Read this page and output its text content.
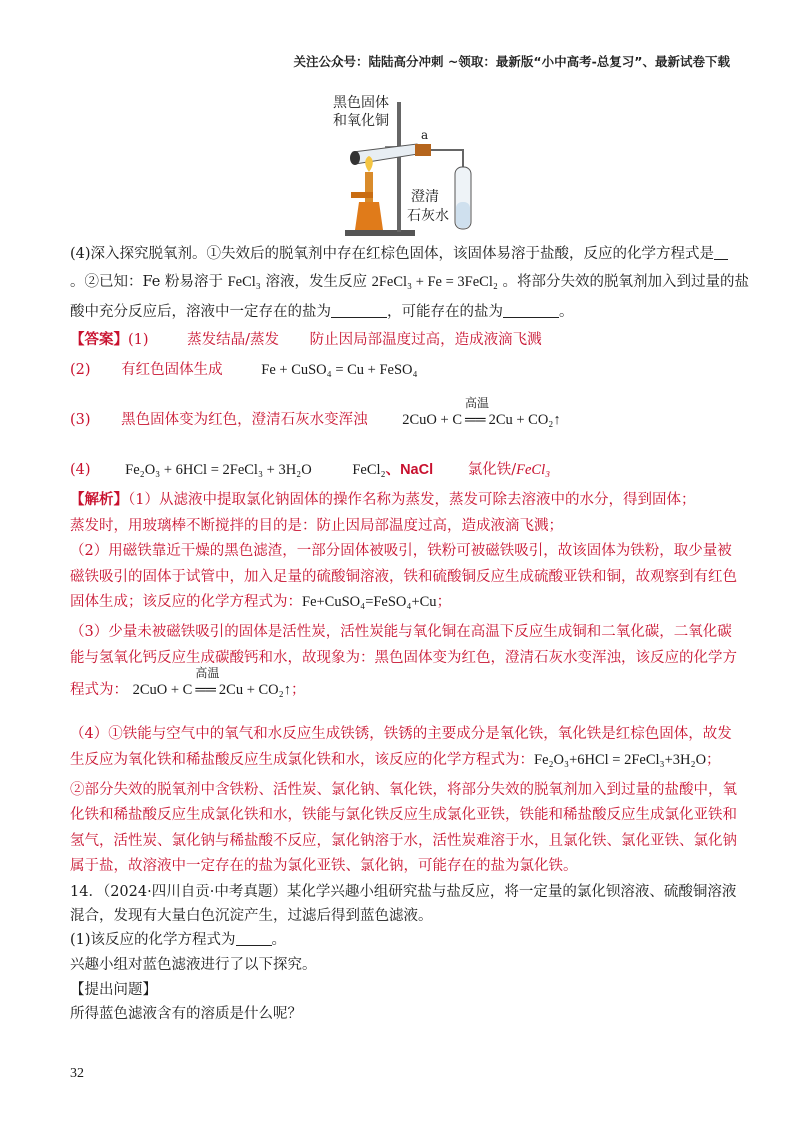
关注公众号：陆陆高分冲刺 ~领取：最新版“小中高考-总复习”、最新试卷下载
黑色固体
和氧化铜
a
澄清
石灰水
(4)深入探究脱氧剂。①失效后的脱氧剂中存在红棕色固体，该固体易溶于盐酸，反应的化学方程式是
。②已知：Fe 粉易溶于 FeCl₃ 溶液，发生反应 2FeCl₃ + Fe = 3FeCl₂ 。将部分失效的脱氧剂加入到过量的盐
酸中充分反应后，溶液中一定存在的盐为	，可能存在的盐为	。
【答案】(1)	蒸发结晶/蒸发 防止因局部温度过高，造成液滴飞溅
(2) 有红色固体生成	Fe + CuSO₄ = Cu + FeSO₄
(3) 黑色固体变为红色，澄清石灰水变浑浊 2CuO + C
高温
══ 2Cu + CO₂↑
(4) Fe₂O₃ + 6HCl = 2FeCl₃ + 3H₂O	FeCl₂、NaCl 氯化铁/FeCl₃
【解析】（1）从滤液中提取氯化钠固体的操作名称为蒸发，蒸发可除去溶液中的水分，得到固体；
蒸发时，用玻璃棒不断搅拌的目的是：防止因局部温度过高，造成液滴飞溅；
（2）用磁铁靠近干燥的黑色滤渣，一部分固体被吸引，铁粉可被磁铁吸引，故该固体为铁粉，取少量被
磁铁吸引的固体于试管中，加入足量的硫酸铜溶液，铁和硫酸铜反应生成硫酸亚铁和铜，故观察到有红色
固体生成；该反应的化学方程式为：Fe+CuSO₄=FeSO₄+Cu；
（3）少量未被磁铁吸引的固体是活性炭，活性炭能与氧化铜在高温下反应生成铜和二氧化碳，二氧化碳
能与氢氧化钙反应生成碳酸钙和水，故现象为：黑色固体变为红色，澄清石灰水变浑浊，该反应的化学方
程式为： 2CuO + C
高温
══ 2Cu + CO₂↑；
（4）①铁能与空气中的氧气和水反应生成铁锈，铁锈的主要成分是氧化铁，氧化铁是红棕色固体，故发
生反应为氧化铁和稀盐酸反应生成氯化铁和水，该反应的化学方程式为：Fe₂O₃+6HCl = 2FeCl₃+3H₂O；
②部分失效的脱氧剂中含铁粉、活性炭、氯化钠、氧化铁，将部分失效的脱氧剂加入到过量的盐酸中，氧
化铁和稀盐酸反应生成氯化铁和水，铁能与氯化铁反应生成氯化亚铁，铁能和稀盐酸反应生成氯化亚铁和
氢气，活性炭、氯化钠与稀盐酸不反应，氯化钠溶于水，活性炭难溶于水，且氯化铁、氯化亚铁、氯化钠
属于盐，故溶液中一定存在的盐为氯化亚铁、氯化钠，可能存在的盐为氯化铁。
14．（2024·四川自贡·中考真题）某化学兴趣小组研究盐与盐反应，将一定量的氯化钡溶液、硫酸铜溶液
混合，发现有大量白色沉淀产生，过滤后得到蓝色滤液。
(1)该反应的化学方程式为 。
兴趣小组对蓝色滤液进行了以下探究。
【提出问题】
所得蓝色滤液含有的溶质是什么呢？
32
